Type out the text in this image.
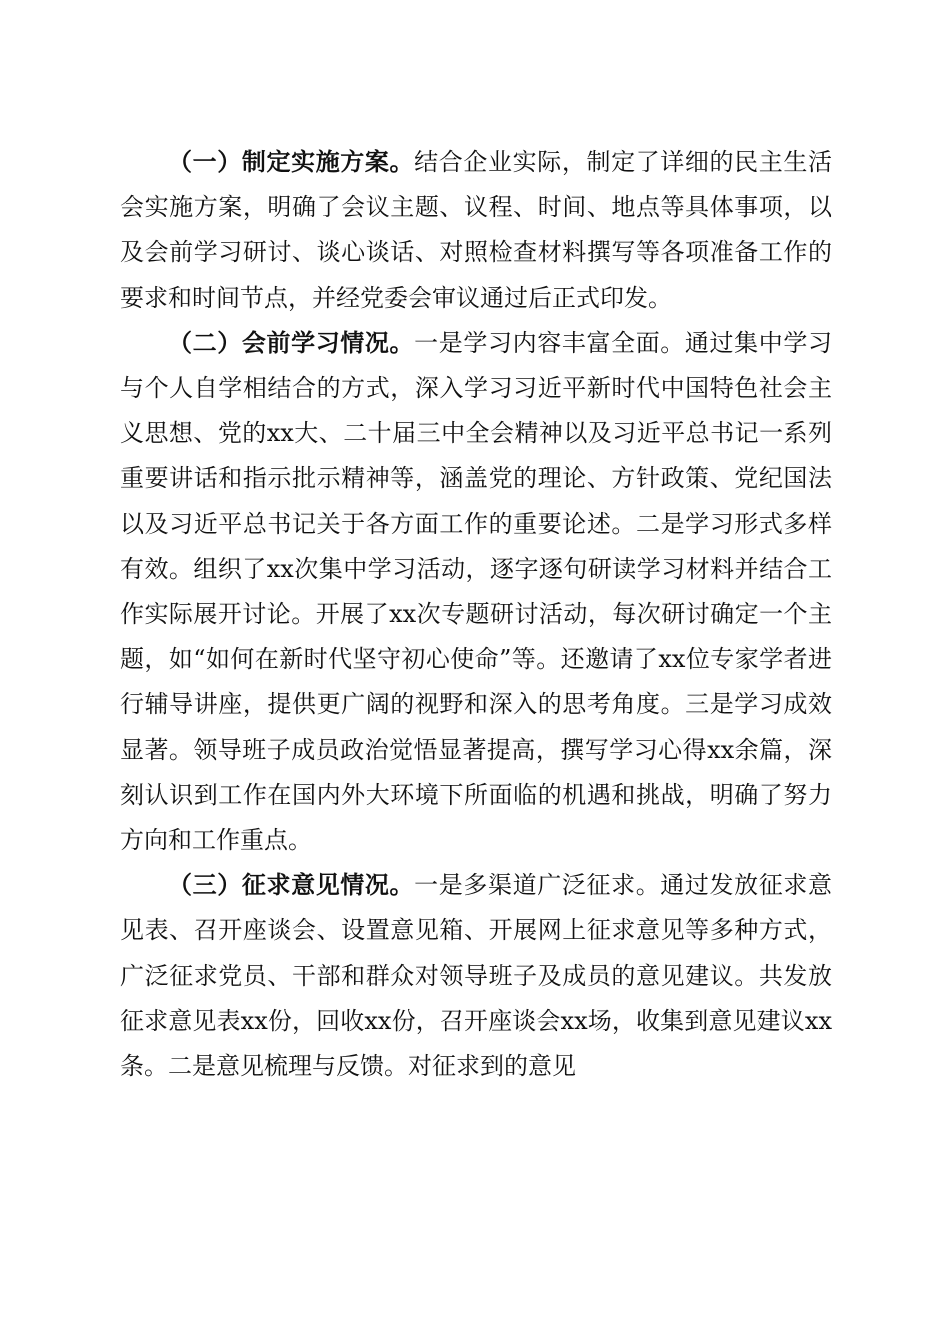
（一）制定实施方案。结合企业实际，制定了详细的民主生活会实施方案，明确了会议主题、议程、时间、地点等具体事项，以及会前学习研讨、谈心谈话、对照检查材料撰写等各项准备工作的要求和时间节点，并经党委会审议通过后正式印发。

（二）会前学习情况。一是学习内容丰富全面。通过集中学习与个人自学相结合的方式，深入学习习近平新时代中国特色社会主义思想、党的xx大、二十届三中全会精神以及习近平总书记一系列重要讲话和指示批示精神等，涵盖党的理论、方针政策、党纪国法以及习近平总书记关于各方面工作的重要论述。二是学习形式多样有效。组织了xx次集中学习活动，逐字逐句研读学习材料并结合工作实际展开讨论。开展了xx次专题研讨活动，每次研讨确定一个主题，如“如何在新时代坚守初心使命”等。还邀请了xx位专家学者进行辅导讲座，提供更广阔的视野和深入的思考角度。三是学习成效显著。领导班子成员政治觉悟显著提高，撰写学习心得xx余篇，深刻认识到工作在国内外大环境下所面临的机遇和挑战，明确了努力方向和工作重点。

（三）征求意见情况。一是多渠道广泛征求。通过发放征求意见表、召开座谈会、设置意见箱、开展网上征求意见等多种方式，广泛征求党员、干部和群众对领导班子及成员的意见建议。共发放征求意见表xx份，回收xx份，召开座谈会xx场，收集到意见建议xx条。二是意见梳理与反馈。对征求到的意见
